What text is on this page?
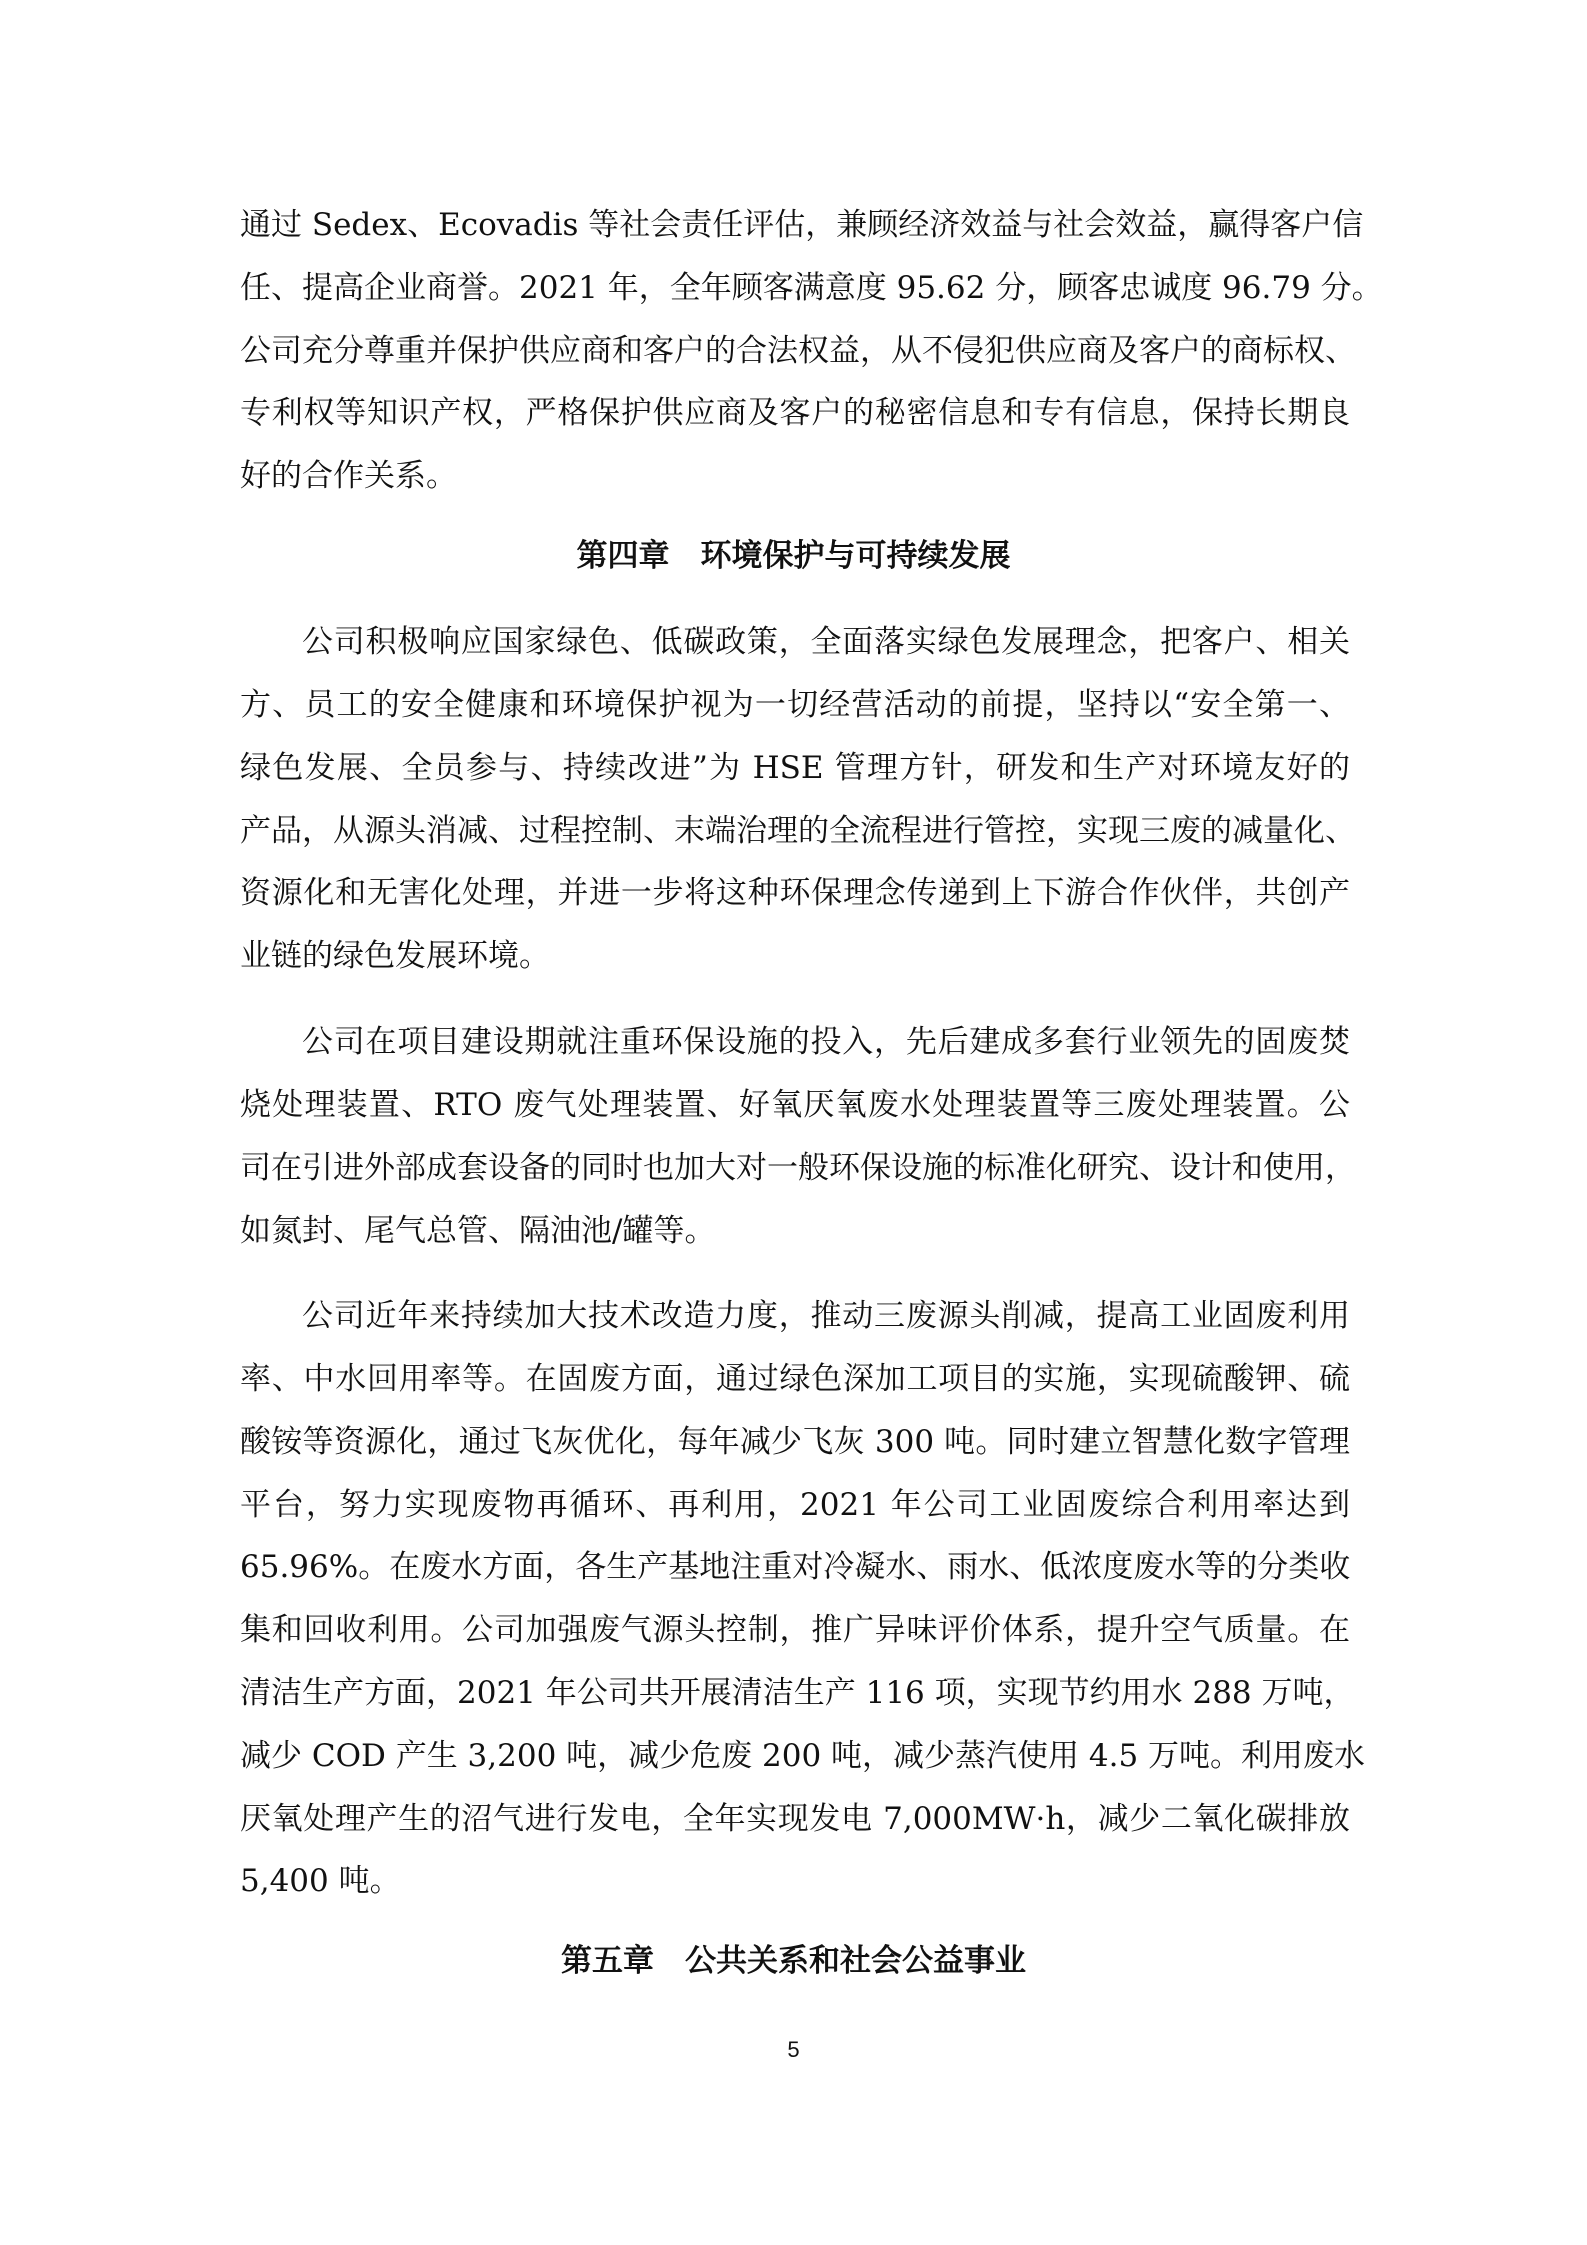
通过 Sedex、Ecovadis 等社会责任评估，兼顾经济效益与社会效益，赢得客户信
任、提高企业商誉。2021 年，全年顾客满意度 95.62 分，顾客忠诚度 96.79 分。
公司充分尊重并保护供应商和客户的合法权益，从不侵犯供应商及客户的商标权、
专利权等知识产权，严格保护供应商及客户的秘密信息和专有信息，保持长期良
好的合作关系。
第四章　环境保护与可持续发展
公司积极响应国家绿色、低碳政策，全面落实绿色发展理念，把客户、相关
方、员工的安全健康和环境保护视为一切经营活动的前提，坚持以“安全第一、
绿色发展、全员参与、持续改进”为 HSE 管理方针，研发和生产对环境友好的
产品，从源头消减、过程控制、末端治理的全流程进行管控，实现三废的减量化、
资源化和无害化处理，并进一步将这种环保理念传递到上下游合作伙伴，共创产
业链的绿色发展环境。
公司在项目建设期就注重环保设施的投入，先后建成多套行业领先的固废焚
烧处理装置、RTO 废气处理装置、好氧厌氧废水处理装置等三废处理装置。公
司在引进外部成套设备的同时也加大对一般环保设施的标准化研究、设计和使用，
如氮封、尾气总管、隔油池/罐等。
公司近年来持续加大技术改造力度，推动三废源头削减，提高工业固废利用
率、中水回用率等。在固废方面，通过绿色深加工项目的实施，实现硫酸钾、硫
酸铵等资源化，通过飞灰优化，每年减少飞灰 300 吨。同时建立智慧化数字管理
平台，努力实现废物再循环、再利用，2021 年公司工业固废综合利用率达到
65.96%。在废水方面，各生产基地注重对冷凝水、雨水、低浓度废水等的分类收
集和回收利用。公司加强废气源头控制，推广异味评价体系，提升空气质量。在
清洁生产方面，2021 年公司共开展清洁生产 116 项，实现节约用水 288 万吨，
减少 COD 产生 3,200 吨，减少危废 200 吨，减少蒸汽使用 4.5 万吨。利用废水
厌氧处理产生的沼气进行发电，全年实现发电 7,000MW·h，减少二氧化碳排放
5,400 吨。
第五章　公共关系和社会公益事业
5
